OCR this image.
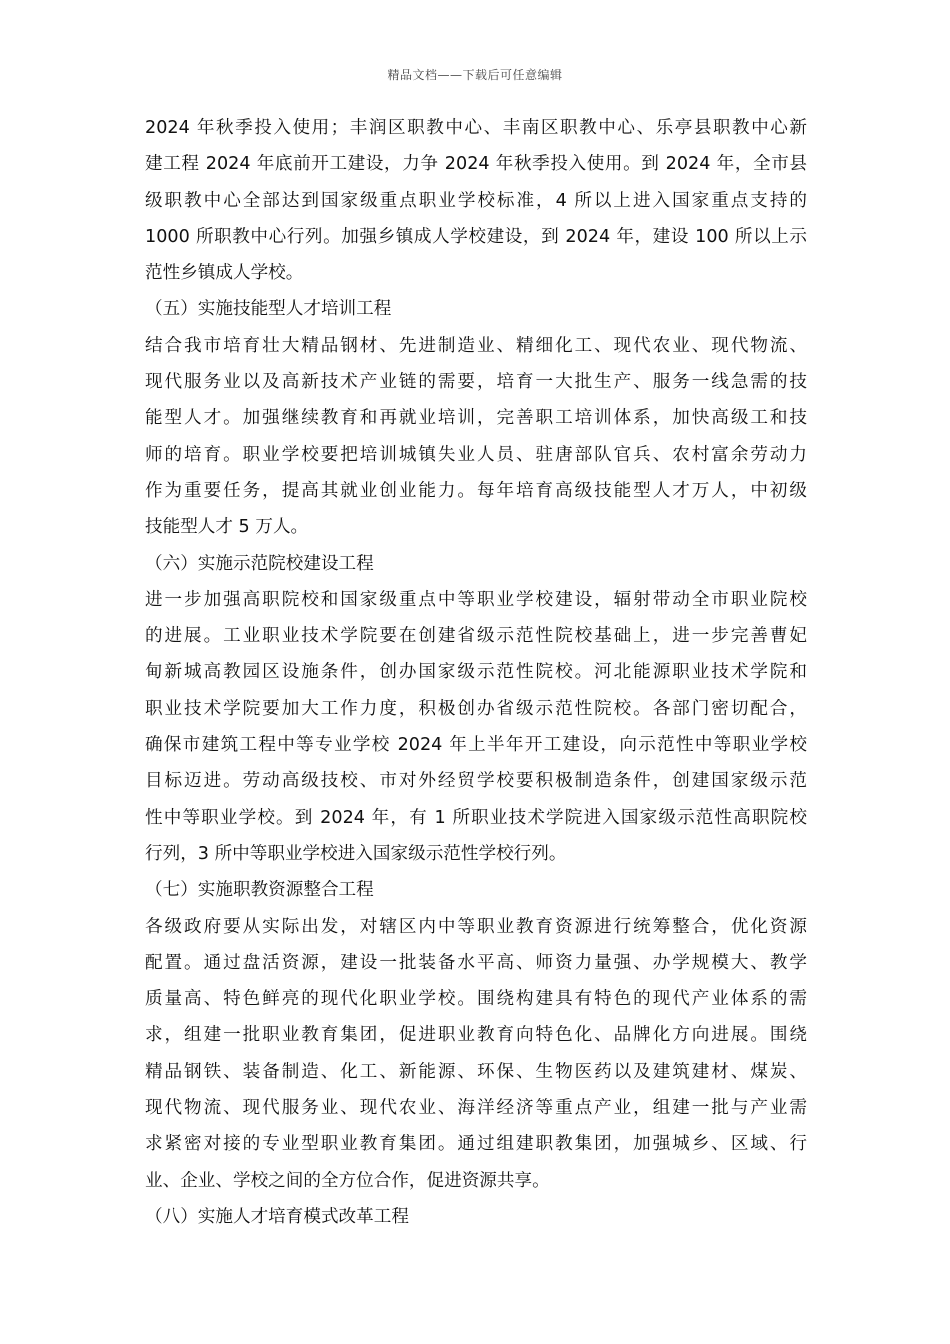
精品文档——下载后可任意编辑
2024 年秋季投入使用；丰润区职教中心、丰南区职教中心、乐亭县职教中心新
建工程 2024 年底前开工建设，力争 2024 年秋季投入使用。到 2024 年，全市县
级职教中心全部达到国家级重点职业学校标准，4 所以上进入国家重点支持的
1000 所职教中心行列。加强乡镇成人学校建设，到 2024 年，建设 100 所以上示
范性乡镇成人学校。
（五）实施技能型人才培训工程
结合我市培育壮大精品钢材、先进制造业、精细化工、现代农业、现代物流、
现代服务业以及高新技术产业链的需要，培育一大批生产、服务一线急需的技
能型人才。加强继续教育和再就业培训，完善职工培训体系，加快高级工和技
师的培育。职业学校要把培训城镇失业人员、驻唐部队官兵、农村富余劳动力
作为重要任务，提高其就业创业能力。每年培育高级技能型人才万人，中初级
技能型人才 5 万人。
（六）实施示范院校建设工程
进一步加强高职院校和国家级重点中等职业学校建设，辐射带动全市职业院校
的进展。工业职业技术学院要在创建省级示范性院校基础上，进一步完善曹妃
甸新城高教园区设施条件，创办国家级示范性院校。河北能源职业技术学院和
职业技术学院要加大工作力度，积极创办省级示范性院校。各部门密切配合，
确保市建筑工程中等专业学校 2024 年上半年开工建设，向示范性中等职业学校
目标迈进。劳动高级技校、市对外经贸学校要积极制造条件，创建国家级示范
性中等职业学校。到 2024 年，有 1 所职业技术学院进入国家级示范性高职院校
行列，3 所中等职业学校进入国家级示范性学校行列。
（七）实施职教资源整合工程
各级政府要从实际出发，对辖区内中等职业教育资源进行统筹整合，优化资源
配置。通过盘活资源，建设一批装备水平高、师资力量强、办学规模大、教学
质量高、特色鲜亮的现代化职业学校。围绕构建具有特色的现代产业体系的需
求，组建一批职业教育集团，促进职业教育向特色化、品牌化方向进展。围绕
精品钢铁、装备制造、化工、新能源、环保、生物医药以及建筑建材、煤炭、
现代物流、现代服务业、现代农业、海洋经济等重点产业，组建一批与产业需
求紧密对接的专业型职业教育集团。通过组建职教集团，加强城乡、区域、行
业、企业、学校之间的全方位合作，促进资源共享。
（八）实施人才培育模式改革工程
